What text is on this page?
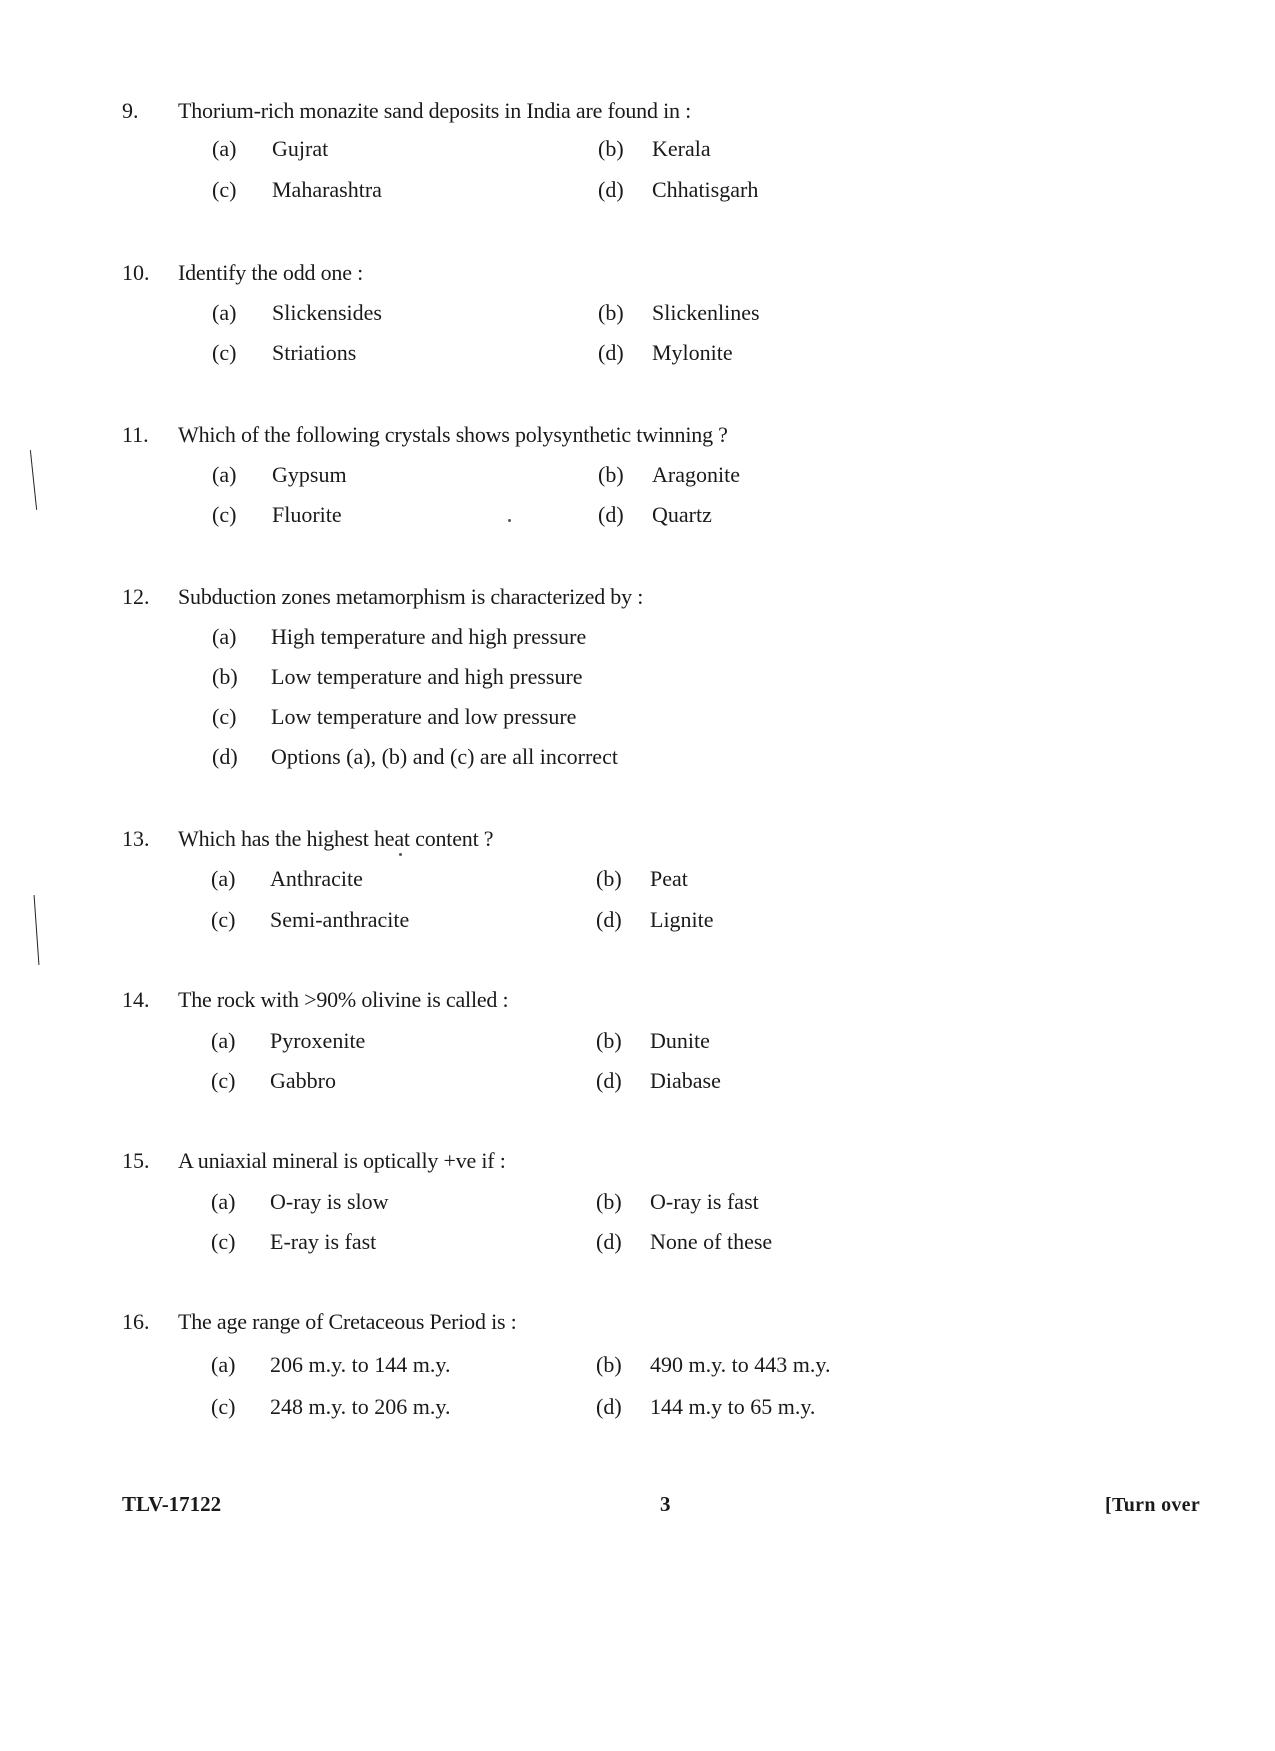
9. Thorium-rich monazite sand deposits in India are found in :
(a) Gujrat	(b) Kerala
(c) Maharashtra	(d) Chhatisgarh
10. Identify the odd one :
(a) Slickensides	(b) Slickenlines
(c) Striations	(d) Mylonite
11. Which of the following crystals shows polysynthetic twinning ?
(a) Gypsum	(b) Aragonite
(c) Fluorite	(d) Quartz
12. Subduction zones metamorphism is characterized by :
(a) High temperature and high pressure
(b) Low temperature and high pressure
(c) Low temperature and low pressure
(d) Options (a), (b) and (c) are all incorrect
13. Which has the highest heat content ?
(a) Anthracite	(b) Peat
(c) Semi-anthracite	(d) Lignite
14. The rock with >90% olivine is called :
(a) Pyroxenite	(b) Dunite
(c) Gabbro	(d) Diabase
15. A uniaxial mineral is optically +ve if :
(a) O-ray is slow	(b) O-ray is fast
(c) E-ray is fast	(d) None of these
16. The age range of Cretaceous Period is :
(a) 206 m.y. to 144 m.y.	(b) 490 m.y. to 443 m.y.
(c) 248 m.y. to 206 m.y.	(d) 144 m.y to 65 m.y.
TLV-17122	3	[Turn over
